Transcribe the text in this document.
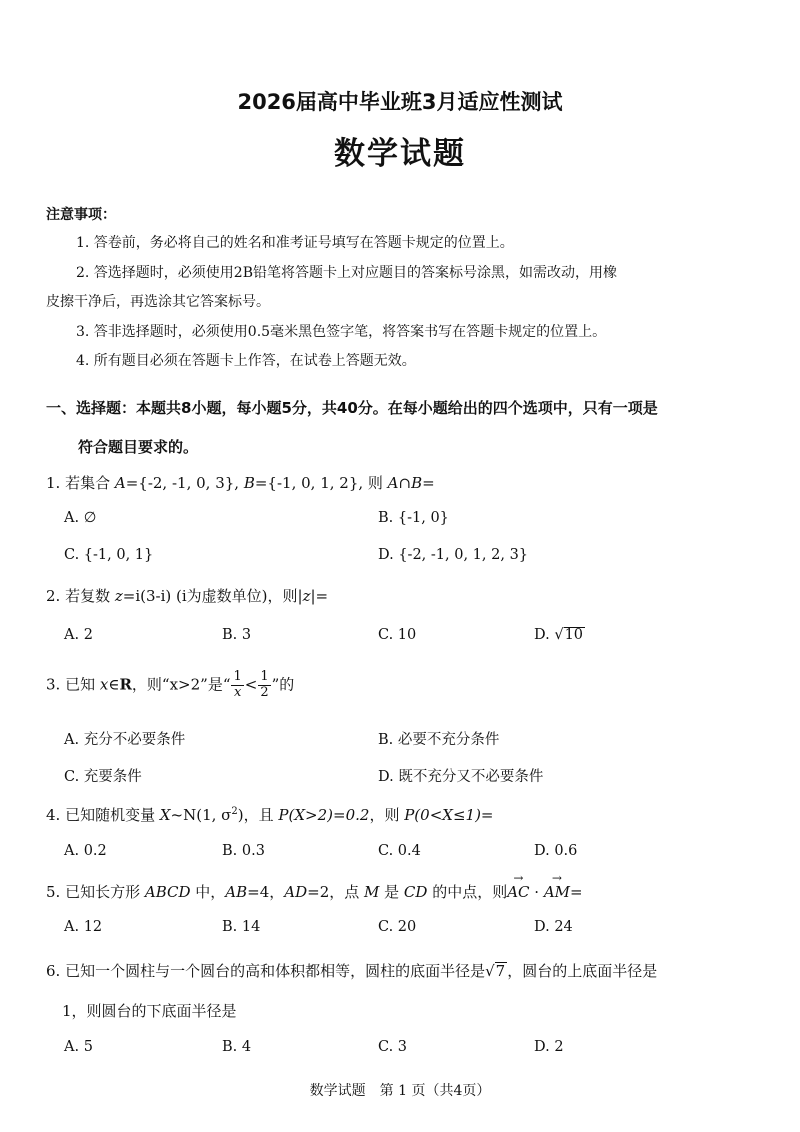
2026届高中毕业班3月适应性测试
数学试题
注意事项：
1. 答卷前，务必将自己的姓名和准考证号填写在答题卡规定的位置上。
2. 答选择题时，必须使用2B铅笔将答题卡上对应题目的答案标号涂黑，如需改动，用橡
皮擦干净后，再选涂其它答案标号。
3. 答非选择题时，必须使用0.5毫米黑色签字笔，将答案书写在答题卡规定的位置上。
4. 所有题目必须在答题卡上作答，在试卷上答题无效。
一、选择题：本题共8小题，每小题5分，共40分。在每小题给出的四个选项中，只有一项是
符合题目要求的。
1. 若集合 A={-2, -1, 0, 3}, B={-1, 0, 1, 2}, 则 A∩B=
A. ∅	B. {-1, 0}
C. {-1, 0, 1}	D. {-2, -1, 0, 1, 2, 3}
2. 若复数 z=i(3-i) (i为虚数单位)，则|z|=
A. 2	B. 3	C. 10	D. √10
3. 已知 x∈R，则“x>2”是“ $\frac{1}{x} < \frac{1}{2}$ ”的
A. 充分不必要条件	B. 必要不充分条件
C. 充要条件	D. 既不充分又不必要条件
4. 已知随机变量 X~N(1, $\sigma^2$)，且 P(X>2)=0.2，则 P(0<X≤1)=
A. 0.2	B. 0.3	C. 0.4	D. 0.6
5. 已知长方形 ABCD 中，AB=4，AD=2，点 M 是 CD 的中点，则→ AC · → AM=
A. 12	B. 14	C. 20	D. 24
6. 已知一个圆柱与一个圆台的高和体积都相等，圆柱的底面半径是√7 ，圆台的上底面半径是
1，则圆台的下底面半径是
A. 5	B. 4	C. 3	D. 2
数学试题　第 1 页（共4页）
